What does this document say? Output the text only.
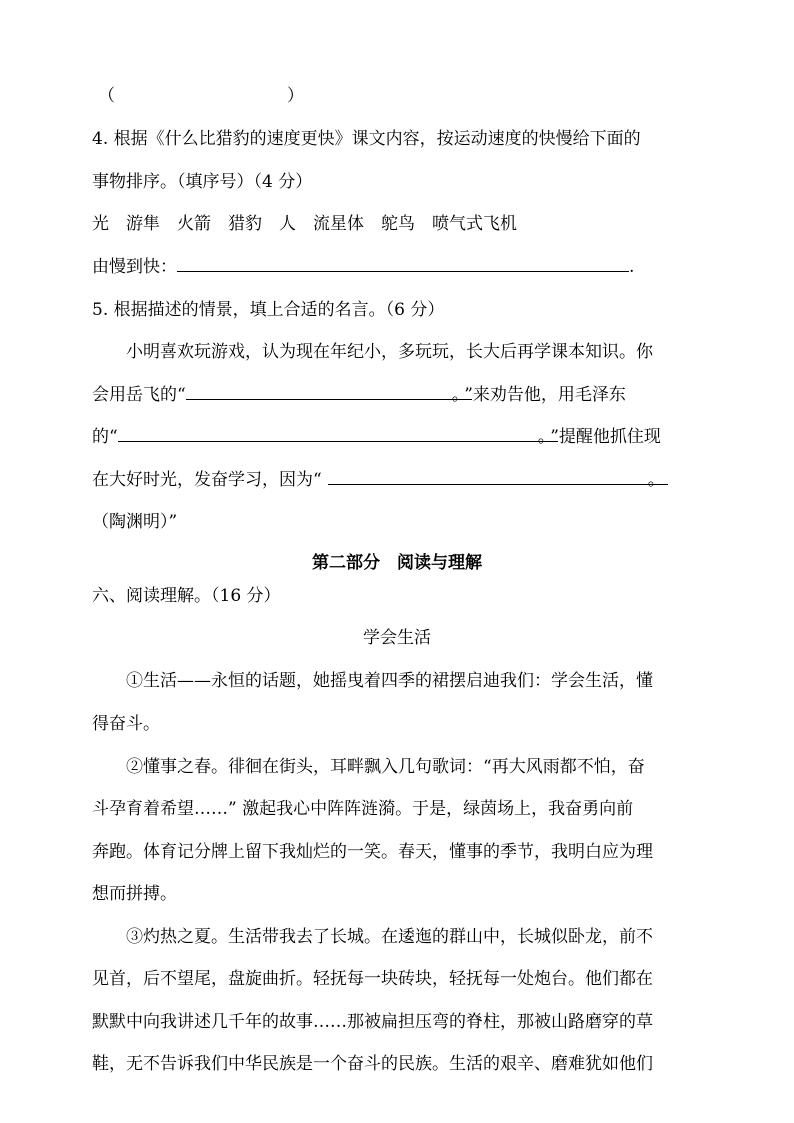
（	）
4. 根据《什么比猎豹的速度更快》课文内容，按运动速度的快慢给下面的
事物排序。（填序号）（4 分）
光　游隼　火箭　猎豹　人　流星体　鸵鸟　喷气式飞机
由慢到快：	.
5. 根据描述的情景，填上合适的名言。（6 分）
小明喜欢玩游戏，认为现在年纪小，多玩玩，长大后再学课本知识。你
会用岳飞的“	。 ”来劝告他，用毛泽东
的“	。 ”提醒他抓住现
在大好时光，发奋学习，因为“	。
（陶渊明）”
第二部分　阅读与理解
六、阅读理解。（16 分）
学会生活
①生活——永恒的话题，她摇曳着四季的裙摆启迪我们：学会生活，懂
得奋斗。
②懂事之春。徘徊在街头，耳畔飘入几句歌词：“再大风雨都不怕，奋
斗孕育着希望……” 激起我心中阵阵涟漪。于是，绿茵场上，我奋勇向前
奔跑。体育记分牌上留下我灿烂的一笑。春天，懂事的季节，我明白应为理
想而拼搏。
③灼热之夏。生活带我去了长城。在逶迤的群山中，长城似卧龙，前不
见首，后不望尾，盘旋曲折。轻抚每一块砖块，轻抚每一处炮台。他们都在
默默中向我讲述几千年的故事……那被扁担压弯的脊柱，那被山路磨穿的草
鞋，无不告诉我们中华民族是一个奋斗的民族。生活的艰辛、磨难犹如他们
